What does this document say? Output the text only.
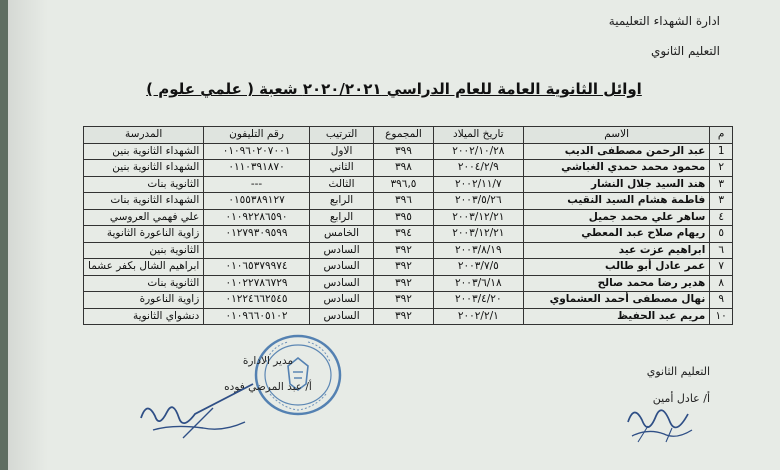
ادارة الشهداء التعليمية
التعليم الثانوي
اوائل الثانوية العامة للعام الدراسي ٢٠٢٠/٢٠٢١ شعبة ( علمي علوم )
م	الاسم	تاريخ الميلاد	المجموع	الترتيب	رقم التليفون	المدرسة
1	عبد الرحمن مصطفى الديب	٢٠٠٢/١٠/٢٨	٣٩٩	الاول	٠١٠٩٦٠٢٠٧٠٠١	الشهداء الثانوية بنين
٢	محمود محمد حمدي الغباشي	٢٠٠٤/٢/٩	٣٩٨	الثاني	٠١١٠٣٩١٨٧٠	الشهداء الثانوية بنين
٣	هند السيد جلال النشار	٢٠٠٢/١١/٧	٣٩٦,٥	الثالث	---	الثانوية بنات
٣	فاطمة هشام السيد النقيب	٢٠٠٣/٥/٢٦	٣٩٦	الرابع	٠١٥٥٣٨٩١٢٧	الشهداء الثانوية بنات
٤	ساهر علي محمد جميل	٢٠٠٣/١٢/٢١	٣٩٥	الرابع	٠١٠٩٢٢٨٦٥٩٠	علي فهمي العروسي
٥	ريهام صلاح عبد المعطي	٢٠٠٣/١٢/٢١	٣٩٤	الخامس	٠١٢٧٩٣٠٩٥٩٩	زاوية الناعورة الثانوية
٦	ابراهيم عزت عيد	٢٠٠٣/٨/١٩	٣٩٢	السادس		الثانوية بنين
٧	عمر عادل أبو طالب	٢٠٠٣/٧/٥	٣٩٢	السادس	٠١٠٦٥٣٧٩٩٧٤	ابراهيم الشال بكفر عشما
٨	هدير رضا محمد صالح	٢٠٠٣/٦/١٨	٣٩٢	السادس	٠١٠٢٢٧٨٦٧٢٩	الثانوية بنات
٩	نهال مصطفى أحمد العشماوي	٢٠٠٣/٤/٢٠	٣٩٢	السادس	٠١٢٢٤٦٦٢٥٤٥	زاوية الناعورة
١٠	مريم عبد الحفيظ	٢٠٠٢/٢/١	٣٩٢	السادس	٠١٠٩٦٦٠٥١٠٢	دنشواي الثانوية
مدير الادارة
أ/ عبد المرضي فوده
التعليم الثانوي
أ/ عادل أمين
